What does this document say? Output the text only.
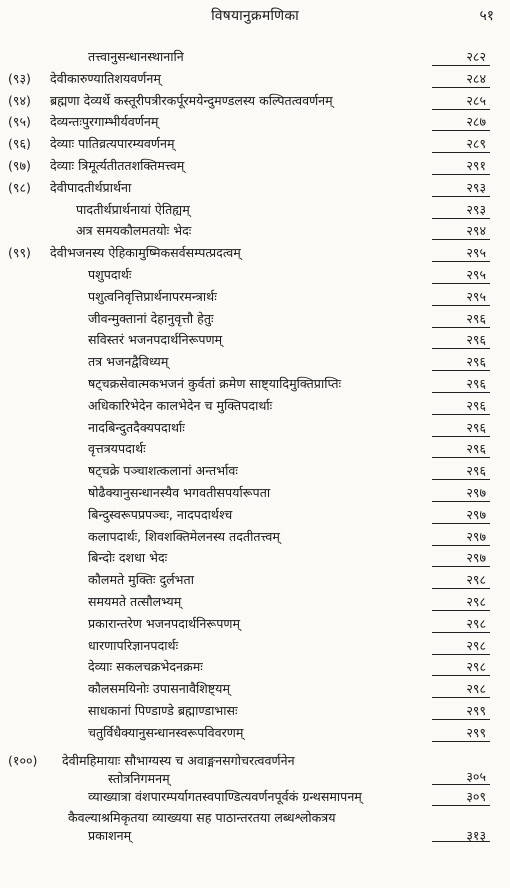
विषयानुक्रमणिका	५१
तत्त्वानुसन्धानस्थानानि	२८२
(९३) देवीकारुण्यातिशयवर्णनम्	२८४
(९४) ब्रह्मणा देव्यर्थे कस्तूरीपत्रीरकर्पूरमयेन्दुमण्डलस्य कल्पितत्ववर्णनम्	२८५
(९५) देव्यन्तःपुरगाम्भीर्यवर्णनम्	२८७
(९६) देव्याः पातिव्रत्यपारम्यवर्णनम्	२८९
(९७) देव्याः त्रिमूर्त्यतीततशक्तिमत्त्वम्	२९१
(९८) देवीपादतीर्थप्रार्थना	२९३
पादतीर्थप्रार्थनायां ऐतिह्यम्	२९३
अत्र समयकौलमतयोः भेदः	२९४
(९९) देवीभजनस्य ऐहिकामुष्मिकसर्वसम्पत्प्रदत्वम्	२९५
पशुपदार्थः	२९५
पशुत्वनिवृत्तिप्रार्थनापरमन्त्रार्थः	२९५
जीवन्मुक्तानां देहानुवृत्तौ हेतुः	२९६
सविस्तरं भजनपदार्थनिरूपणम्	२९६
तत्र भजनद्वैविध्यम्	२९६
षट्चक्रसेवात्मकभजनं कुर्वतां क्रमेण साष्ट्यादिमुक्तिप्राप्तिः	२९६
अधिकारिभेदेन कालभेदेन च मुक्तिपदार्थाः	२९६
नादबिन्दुतदैक्यपदार्थाः	२९६
वृत्तत्रयपदार्थः	२९६
षट्चक्रे पञ्चाशत्कलानां अन्तर्भावः	२९६
षोढैक्यानुसन्धानस्यैव भगवतीसपर्यारूपता	२९७
बिन्दुस्वरूपप्रपञ्चः, नादपदार्थश्च	२९७
कलापदार्थः, शिवशक्तिमेलनस्य तदतीतत्त्वम्	२९७
बिन्दोः दशधा भेदः	२९७
कौलमते मुक्तिः दुर्लभता	२९८
समयमते तत्सौलभ्यम्	२९८
प्रकारान्तरेण भजनपदार्थनिरूपणम्	२९८
धारणापरिज्ञानपदार्थः	२९८
देव्याः सकलचक्रभेदनक्रमः	२९८
कौलसमयिनोः उपासनावैशिष्ट्यम्	२९८
साधकानां पिण्डाण्डे ब्रह्माण्डाभासः	२९९
चतुर्विधैक्यानुसन्धानस्वरूपविवरणम्	२९९
(१००) देवीमहिमायाः सौभाग्यस्य च अवाङ्मनसगोचरत्ववर्णनेन
स्तोत्रनिगमनम्	३०५
व्याख्यात्रा वंशपारम्पर्यागतस्वपाण्डित्यवर्णनपूर्वकं ग्रन्थसमापनम्	३०९
कैवल्याश्रमिकृतया व्याख्यया सह पाठान्तरतया लब्धश्लोकत्रय
प्रकाशनम्	३१३
